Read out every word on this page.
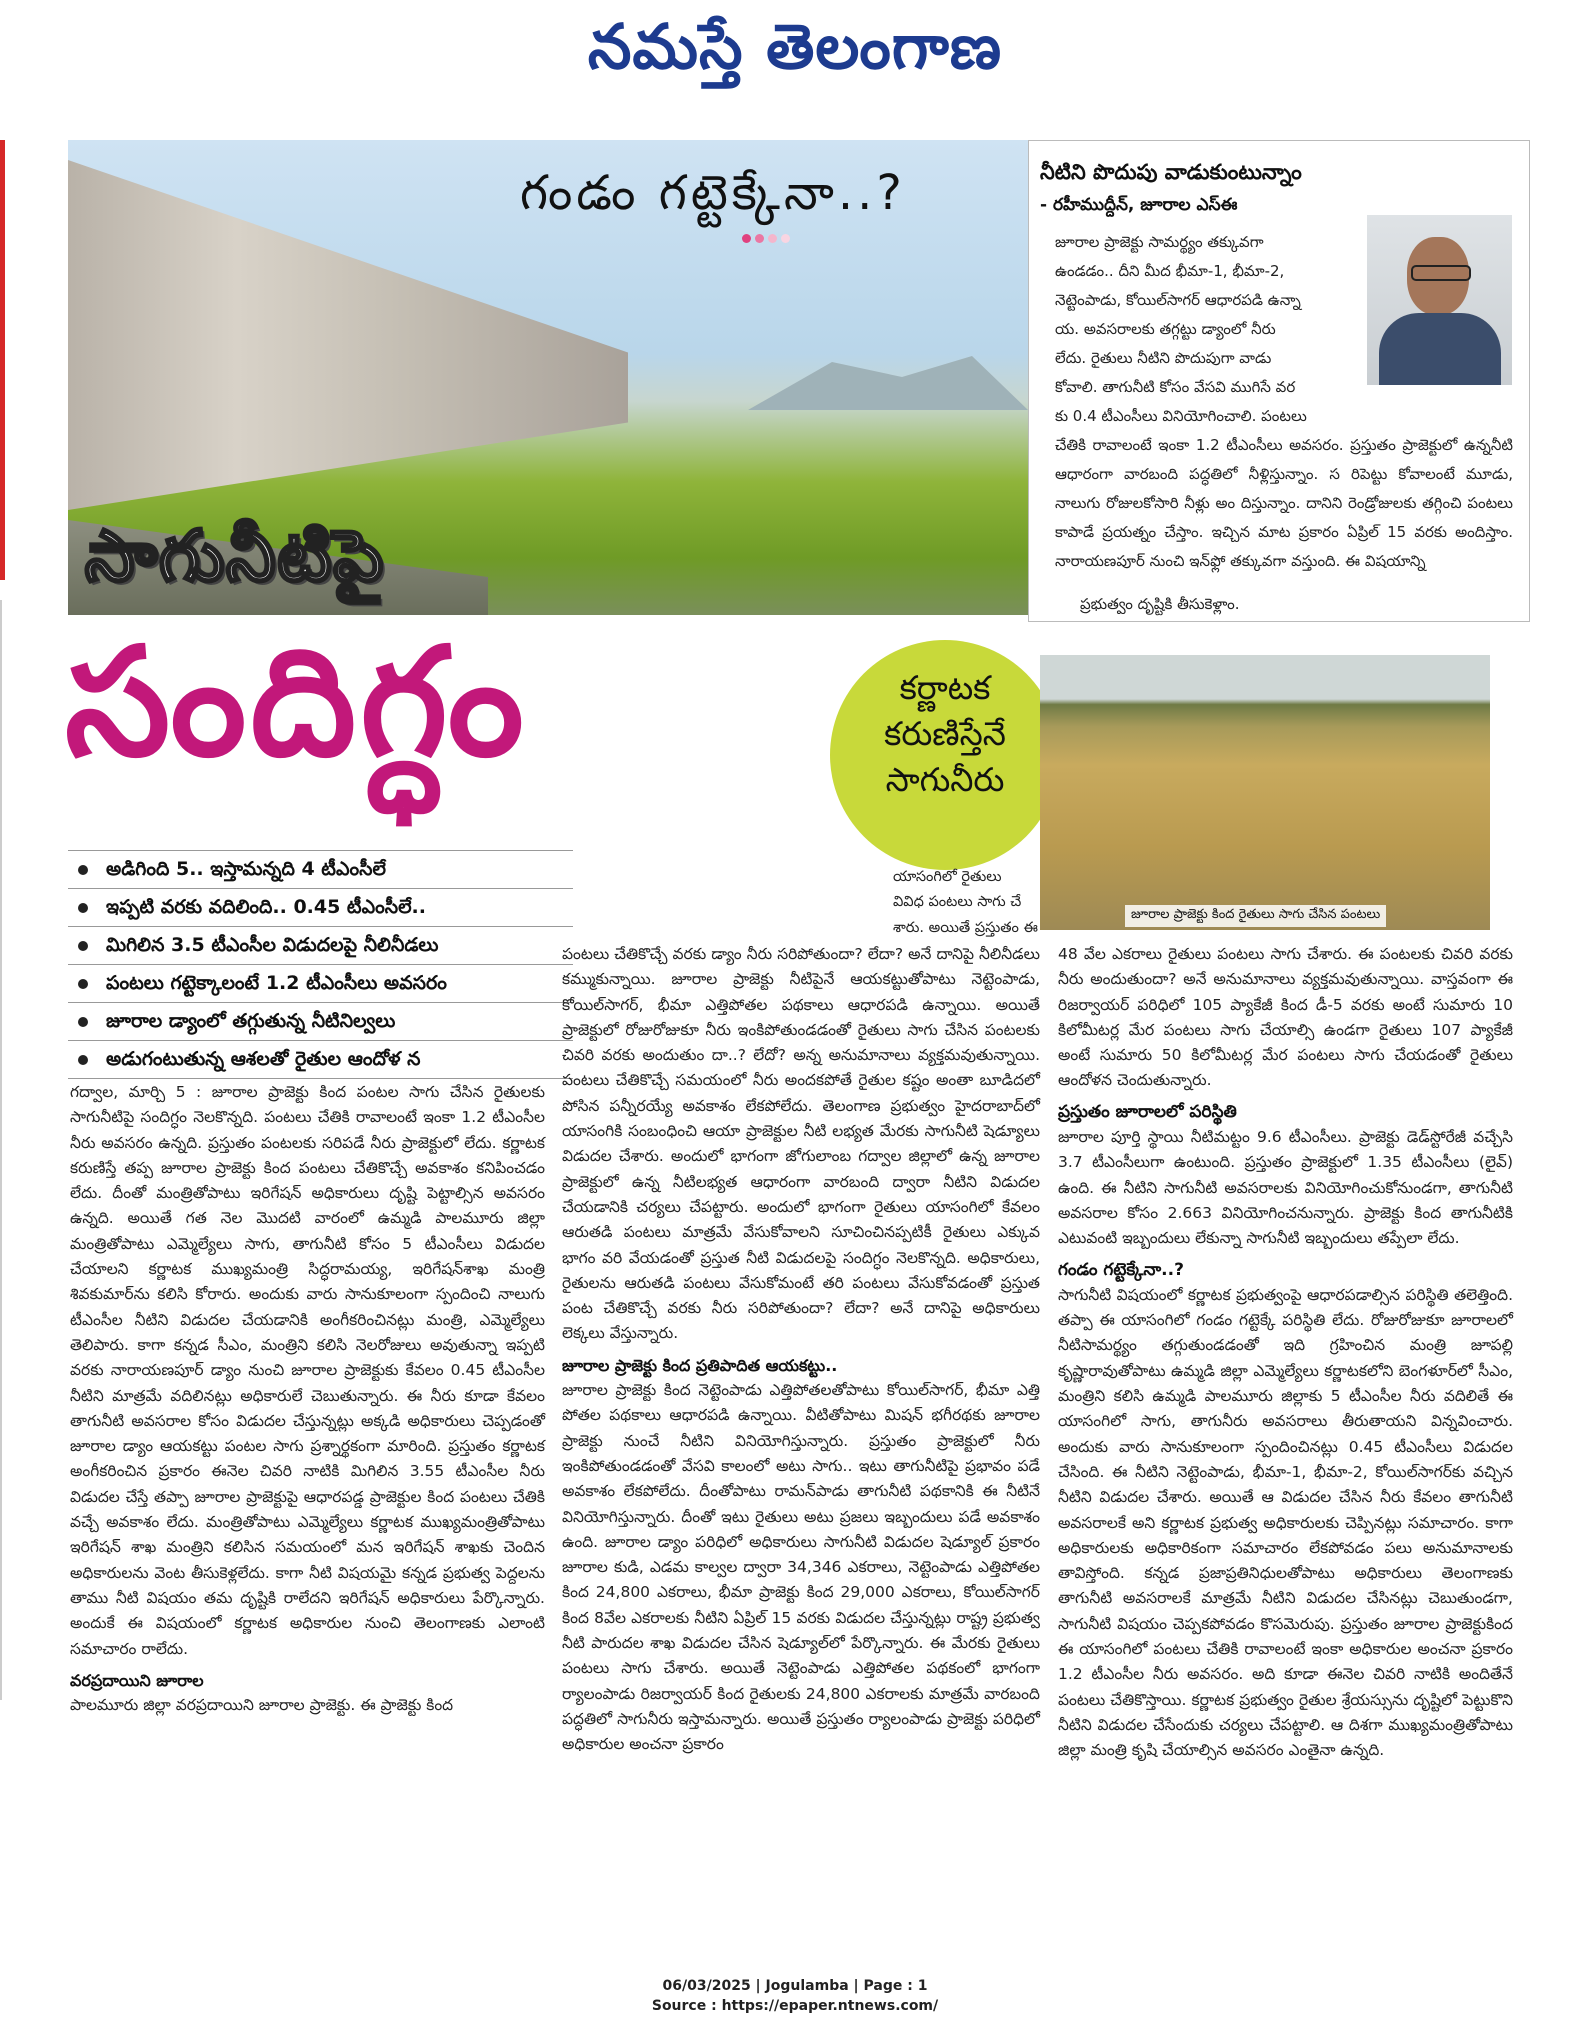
నమస్తే తెలంగాణ
గండం గట్టెక్కేనా..?
సాగునీటిపై
సందిగ్ధం	కర్ణాటక
కరుణిస్తేనే
సాగునీరు
నీటిని పొదుపు వాడుకుంటున్నాం
- రహీముద్దీన్, జూరాల ఎస్ఈ
జూరాల ప్రాజెక్టు సామర్థ్యం తక్కువగా
ఉండడం.. దీని మీద భీమా-1, భీమా-2,
నెట్టెంపాడు, కోయిల్‌సాగర్ ఆధారపడి ఉన్నా
య. అవసరాలకు తగ్గట్టు డ్యాంలో నీరు
లేదు. రైతులు నీటిని పొదుపుగా వాడు
కోవాలి. తాగునీటి కోసం వేసవి ముగిసే వర
కు 0.4 టీఎంసీలు వినియోగించాలి. పంటలు
చేతికి రావాలంటే ఇంకా 1.2 టీఎంసీలు అవసరం. ప్రస్తుతం ప్రాజెక్టులో ఉన్ననీటి ఆధారంగా వారబంది పద్ధతిలో నీళ్లిస్తున్నాం. స రిపెట్టు కోవాలంటే మూడు, నాలుగు రోజులకోసారి నీళ్లు అం దిస్తున్నాం. దానిని రెండ్రోజులకు తగ్గించి పంటలు కాపాడే ప్రయత్నం చేస్తాం. ఇచ్చిన మాట ప్రకారం ఏప్రిల్ 15 వరకు అందిస్తాం. నారాయణపూర్ నుంచి ఇన్‌ఫ్లో తక్కువగా వస్తుంది. ఈ విషయాన్ని
ప్రభుత్వం దృష్టికి తీసుకెళ్లాం.
జూరాల ప్రాజెక్టు కింద రైతులు సాగు చేసిన పంటలు
అడిగింది 5.. ఇస్తామన్నది 4 టీఎంసీలే
ఇప్పటి వరకు వదిలింది.. 0.45 టీఎంసీలే..
మిగిలిన 3.5 టీఎంసీల విడుదలపై నీలినీడలు
పంటలు గట్టెక్కాలంటే 1.2 టీఎంసీలు అవసరం
జూరాల డ్యాంలో తగ్గుతున్న నీటినిల్వలు
అడుగంటుతున్న ఆశలతో రైతుల ఆందోళ న

గద్వాల, మార్చి 5 : జూరాల ప్రాజెక్టు కింద పంటల సాగు చేసిన రైతులకు సాగునీటిపై సందిగ్ధం నెలకొన్నది. పంటలు చేతికి రావాలంటే ఇంకా 1.2 టీఎంసీల నీరు అవసరం ఉన్నది. ప్రస్తుతం పంటలకు సరిపడే నీరు ప్రాజెక్టులో లేదు. కర్ణాటక కరుణిస్తే తప్ప జూరాల ప్రాజెక్టు కింద పంటలు చేతికొచ్చే అవకాశం కనిపించడం లేదు. దీంతో మంత్రితోపాటు ఇరిగేషన్ అధికారులు దృష్టి పెట్టాల్సిన అవసరం ఉన్నది. అయితే గత నెల మొదటి వారంలో ఉమ్మడి పాలమూరు జిల్లా మంత్రితోపాటు ఎమ్మెల్యేలు సాగు, తాగునీటి కోసం 5 టీఎంసీలు విడుదల చేయాలని కర్ణాటక ముఖ్యమంత్రి సిద్ధరామయ్య, ఇరిగేషన్‌శాఖ మంత్రి శివకుమార్‌ను కలిసి కోరారు. అందుకు వారు సానుకూలంగా స్పందించి నాలుగు టీఎంసీల నీటిని విడుదల చేయడానికి అంగీకరించినట్లు మంత్రి, ఎమ్మెల్యేలు తెలిపారు. కాగా కన్నడ సీఎం, మంత్రిని కలిసి నెలరోజులు అవుతున్నా ఇప్పటి వరకు నారాయణపూర్ డ్యాం నుంచి జూరాల ప్రాజెక్టుకు కేవలం 0.45 టీఎంసీల నీటిని మాత్రమే వదిలినట్లు అధికారులే చెబుతున్నారు. ఈ నీరు కూడా కేవలం తాగునీటి అవసరాల కోసం విడుదల చేస్తున్నట్లు అక్కడి అధికారులు చెప్పడంతో జూరాల డ్యాం ఆయకట్టు పంటల సాగు ప్రశ్నార్థకంగా మారింది. ప్రస్తుతం కర్ణాటక అంగీకరించిన ప్రకారం ఈనెల చివరి నాటికి మిగిలిన 3.55 టీఎంసీల నీరు విడుదల చేస్తే తప్పా జూరాల ప్రాజెక్టుపై ఆధారపడ్డ ప్రాజెక్టుల కింద పంటలు చేతికి వచ్చే అవకాశం లేదు. మంత్రితోపాటు ఎమ్మెల్యేలు కర్ణాటక ముఖ్యమంత్రితోపాటు ఇరిగేషన్ శాఖ మంత్రిని కలిసిన సమయంలో మన ఇరిగేషన్ శాఖకు చెందిన అధికారులను వెంట తీసుకెళ్లలేదు. కాగా నీటి విషయమై కన్నడ ప్రభుత్వ పెద్దలను తాము నీటి విషయం తమ దృష్టికి రాలేదని ఇరిగేషన్ అధికారులు పేర్కొన్నారు. అందుకే ఈ విషయంలో కర్ణాటక అధికారుల నుంచి తెలంగాణకు ఎలాంటి సమాచారం రాలేదు.

వరప్రదాయిని జూరాల

పాలమూరు జిల్లా వరప్రదాయిని జూరాల ప్రాజెక్టు. ఈ ప్రాజెక్టు కింద

యాసంగిలో రైతులు
వివిధ పంటలు సాగు చే
శారు. అయితే ప్రస్తుతం ఈ

పంటలు చేతికొచ్చే వరకు డ్యాం నీరు సరిపోతుందా? లేదా? అనే దానిపై నీలినీడలు కమ్ముకున్నాయి. జూరాల ప్రాజెక్టు నీటిపైనే ఆయకట్టుతోపాటు నెట్టెంపాడు, కోయిల్‌సాగర్, భీమా ఎత్తిపోతల పథకాలు ఆధారపడి ఉన్నాయి. అయితే ప్రాజెక్టులో రోజురోజుకూ నీరు ఇంకిపోతుండడంతో రైతులు సాగు చేసిన పంటలకు చివరి వరకు అందుతుం దా..? లేదో? అన్న అనుమానాలు వ్యక్తమవుతున్నాయి. పంటలు చేతికొచ్చే సమయంలో నీరు అందకపోతే రైతుల కష్టం అంతా బూడిదలో పోసిన పన్నీరయ్యే అవకాశం లేకపోలేదు. తెలంగాణ ప్రభుత్వం హైదరాబాద్‌లో యాసంగికి సంబంధించి ఆయా ప్రాజెక్టుల నీటి లభ్యత మేరకు సాగునీటి షెడ్యూలు విడుదల చేశారు. అందులో భాగంగా జోగులాంబ గద్వాల జిల్లాలో ఉన్న జూరాల ప్రాజెక్టులో ఉన్న నీటిలభ్యత ఆధారంగా వారబంది ద్వారా నీటిని విడుదల చేయడానికి చర్యలు చేపట్టారు. అందులో భాగంగా రైతులు యాసంగిలో కేవలం ఆరుతడి పంటలు మాత్రమే వేసుకోవాలని సూచించినప్పటికీ రైతులు ఎక్కువ భాగం వరి వేయడంతో ప్రస్తుత నీటి విడుదలపై సందిగ్ధం నెలకొన్నది. అధికారులు, రైతులను ఆరుతడి పంటలు వేసుకోమంటే తరి పంటలు వేసుకోవడంతో ప్రస్తుత పంట చేతికొచ్చే వరకు నీరు సరిపోతుందా? లేదా? అనే దానిపై అధికారులు లెక్కలు వేస్తున్నారు.

జూరాల ప్రాజెక్టు కింద ప్రతిపాదిత ఆయకట్టు..

జూరాల ప్రాజెక్టు కింద నెట్టెంపాడు ఎత్తిపోతలతోపాటు కోయిల్‌సాగర్, భీమా ఎత్తి పోతల పథకాలు ఆధారపడి ఉన్నాయి. వీటితోపాటు మిషన్ భగీరథకు జూరాల ప్రాజెక్టు నుంచే నీటిని వినియోగిస్తున్నారు. ప్రస్తుతం ప్రాజెక్టులో నీరు ఇంకిపోతుండడంతో వేసవి కాలంలో అటు సాగు.. ఇటు తాగునీటిపై ప్రభావం పడే అవకాశం లేకపోలేదు. దీంతోపాటు రామన్‌పాడు తాగునీటి పథకానికి ఈ నీటినే వినియోగిస్తున్నారు. దీంతో ఇటు రైతులు అటు ప్రజలు ఇబ్బందులు పడే అవకాశం ఉంది. జూరాల డ్యాం పరిధిలో అధికారులు సాగునీటి విడుదల షెడ్యూల్ ప్రకారం జూరాల కుడి, ఎడమ కాల్వల ద్వారా 34,346 ఎకరాలు, నెట్టెంపాడు ఎత్తిపోతల కింద 24,800 ఎకరాలు, భీమా ప్రాజెక్టు కింద 29,000 ఎకరాలు, కోయిల్‌సాగర్ కింద 8వేల ఎకరాలకు నీటిని ఏప్రిల్ 15 వరకు విడుదల చేస్తున్నట్లు రాష్ట్ర ప్రభుత్వ నీటి పారుదల శాఖ విడుదల చేసిన షెడ్యూల్‌లో పేర్కొన్నారు. ఈ మేరకు రైతులు పంటలు సాగు చేశారు. అయితే నెట్టెంపాడు ఎత్తిపోతల పథకంలో భాగంగా ర్యాలంపాడు రిజర్వాయర్ కింద రైతులకు 24,800 ఎకరాలకు మాత్రమే వారబంది పద్ధతిలో సాగునీరు ఇస్తామన్నారు. అయితే ప్రస్తుతం ర్యాలంపాడు ప్రాజెక్టు పరిధిలో అధికారుల అంచనా ప్రకారం

48 వేల ఎకరాలు రైతులు పంటలు సాగు చేశారు. ఈ పంటలకు చివరి వరకు నీరు అందుతుందా? అనే అనుమానాలు వ్యక్తమవుతున్నాయి. వాస్తవంగా ఈ రిజర్వాయర్ పరిధిలో 105 ప్యాకేజీ కింద డీ-5 వరకు అంటే సుమారు 10 కిలోమీటర్ల మేర పంటలు సాగు చేయాల్సి ఉండగా రైతులు 107 ప్యాకేజీ అంటే సుమారు 50 కిలోమీటర్ల మేర పంటలు సాగు చేయడంతో రైతులు ఆందోళన చెందుతున్నారు.

ప్రస్తుతం జూరాలలో పరిస్థితి

జూరాల పూర్తి స్థాయి నీటిమట్టం 9.6 టీఎంసీలు. ప్రాజెక్టు డెడ్‌స్టోరేజీ వచ్చేసి 3.7 టీఎంసీలుగా ఉంటుంది. ప్రస్తుతం ప్రాజెక్టులో 1.35 టీఎంసీలు (లైవ్) ఉంది. ఈ నీటిని సాగునీటి అవసరాలకు వినియోగించుకోనుండగా, తాగునీటి అవసరాల కోసం 2.663 వినియోగించనున్నారు. ప్రాజెక్టు కింద తాగునీటికి ఎటువంటి ఇబ్బందులు లేకున్నా సాగునీటి ఇబ్బందులు తప్పేలా లేదు.

గండం గట్టెక్కేనా..?

సాగునీటి విషయంలో కర్ణాటక ప్రభుత్వంపై ఆధారపడాల్సిన పరిస్థితి తలెత్తింది. తప్పా ఈ యాసంగిలో గండం గట్టెక్కే పరిస్థితి లేదు. రోజురోజుకూ జూరాలలో నీటిసామర్థ్యం తగ్గుతుండడంతో ఇది గ్రహించిన మంత్రి జూపల్లి కృష్ణారావుతోపాటు ఉమ్మడి జిల్లా ఎమ్మెల్యేలు కర్ణాటకలోని బెంగళూర్‌లో సీఎం, మంత్రిని కలిసి ఉమ్మడి పాలమూరు జిల్లాకు 5 టీఎంసీల నీరు వదిలితే ఈ యాసంగిలో సాగు, తాగునీరు అవసరాలు తీరుతాయని విన్నవించారు. అందుకు వారు సానుకూలంగా స్పందించినట్లు 0.45 టీఎంసీలు విడుదల చేసింది. ఈ నీటిని నెట్టెంపాడు, భీమా-1, భీమా-2, కోయిల్‌సాగర్‌కు వచ్చిన నీటిని విడుదల చేశారు. అయితే ఆ విడుదల చేసిన నీరు కేవలం తాగునీటి అవసరాలకే అని కర్ణాటక ప్రభుత్వ అధికారులకు చెప్పినట్లు సమాచారం. కాగా అధికారులకు అధికారికంగా సమాచారం లేకపోవడం పలు అనుమానాలకు తావిస్తోంది. కన్నడ ప్రజాప్రతినిధులతోపాటు అధికారులు తెలంగాణకు తాగునీటి అవసరాలకే మాత్రమే నీటిని విడుదల చేసినట్లు చెబుతుండగా, సాగునీటి విషయం చెప్పకపోవడం కొసమెరుపు. ప్రస్తుతం జూరాల ప్రాజెక్టుకింద ఈ యాసంగిలో పంటలు చేతికి రావాలంటే ఇంకా అధికారుల అంచనా ప్రకారం 1.2 టీఎంసీల నీరు అవసరం. అది కూడా ఈనెల చివరి నాటికి అందితేనే పంటలు చేతికొస్తాయి. కర్ణాటక ప్రభుత్వం రైతుల శ్రేయస్సును దృష్టిలో పెట్టుకొని నీటిని విడుదల చేసేందుకు చర్యలు చేపట్టాలి. ఆ దిశగా ముఖ్యమంత్రితోపాటు జిల్లా మంత్రి కృషి చేయాల్సిన అవసరం ఎంతైనా ఉన్నది.

06/03/2025 | Jogulamba | Page : 1
Source : https://epaper.ntnews.com/
